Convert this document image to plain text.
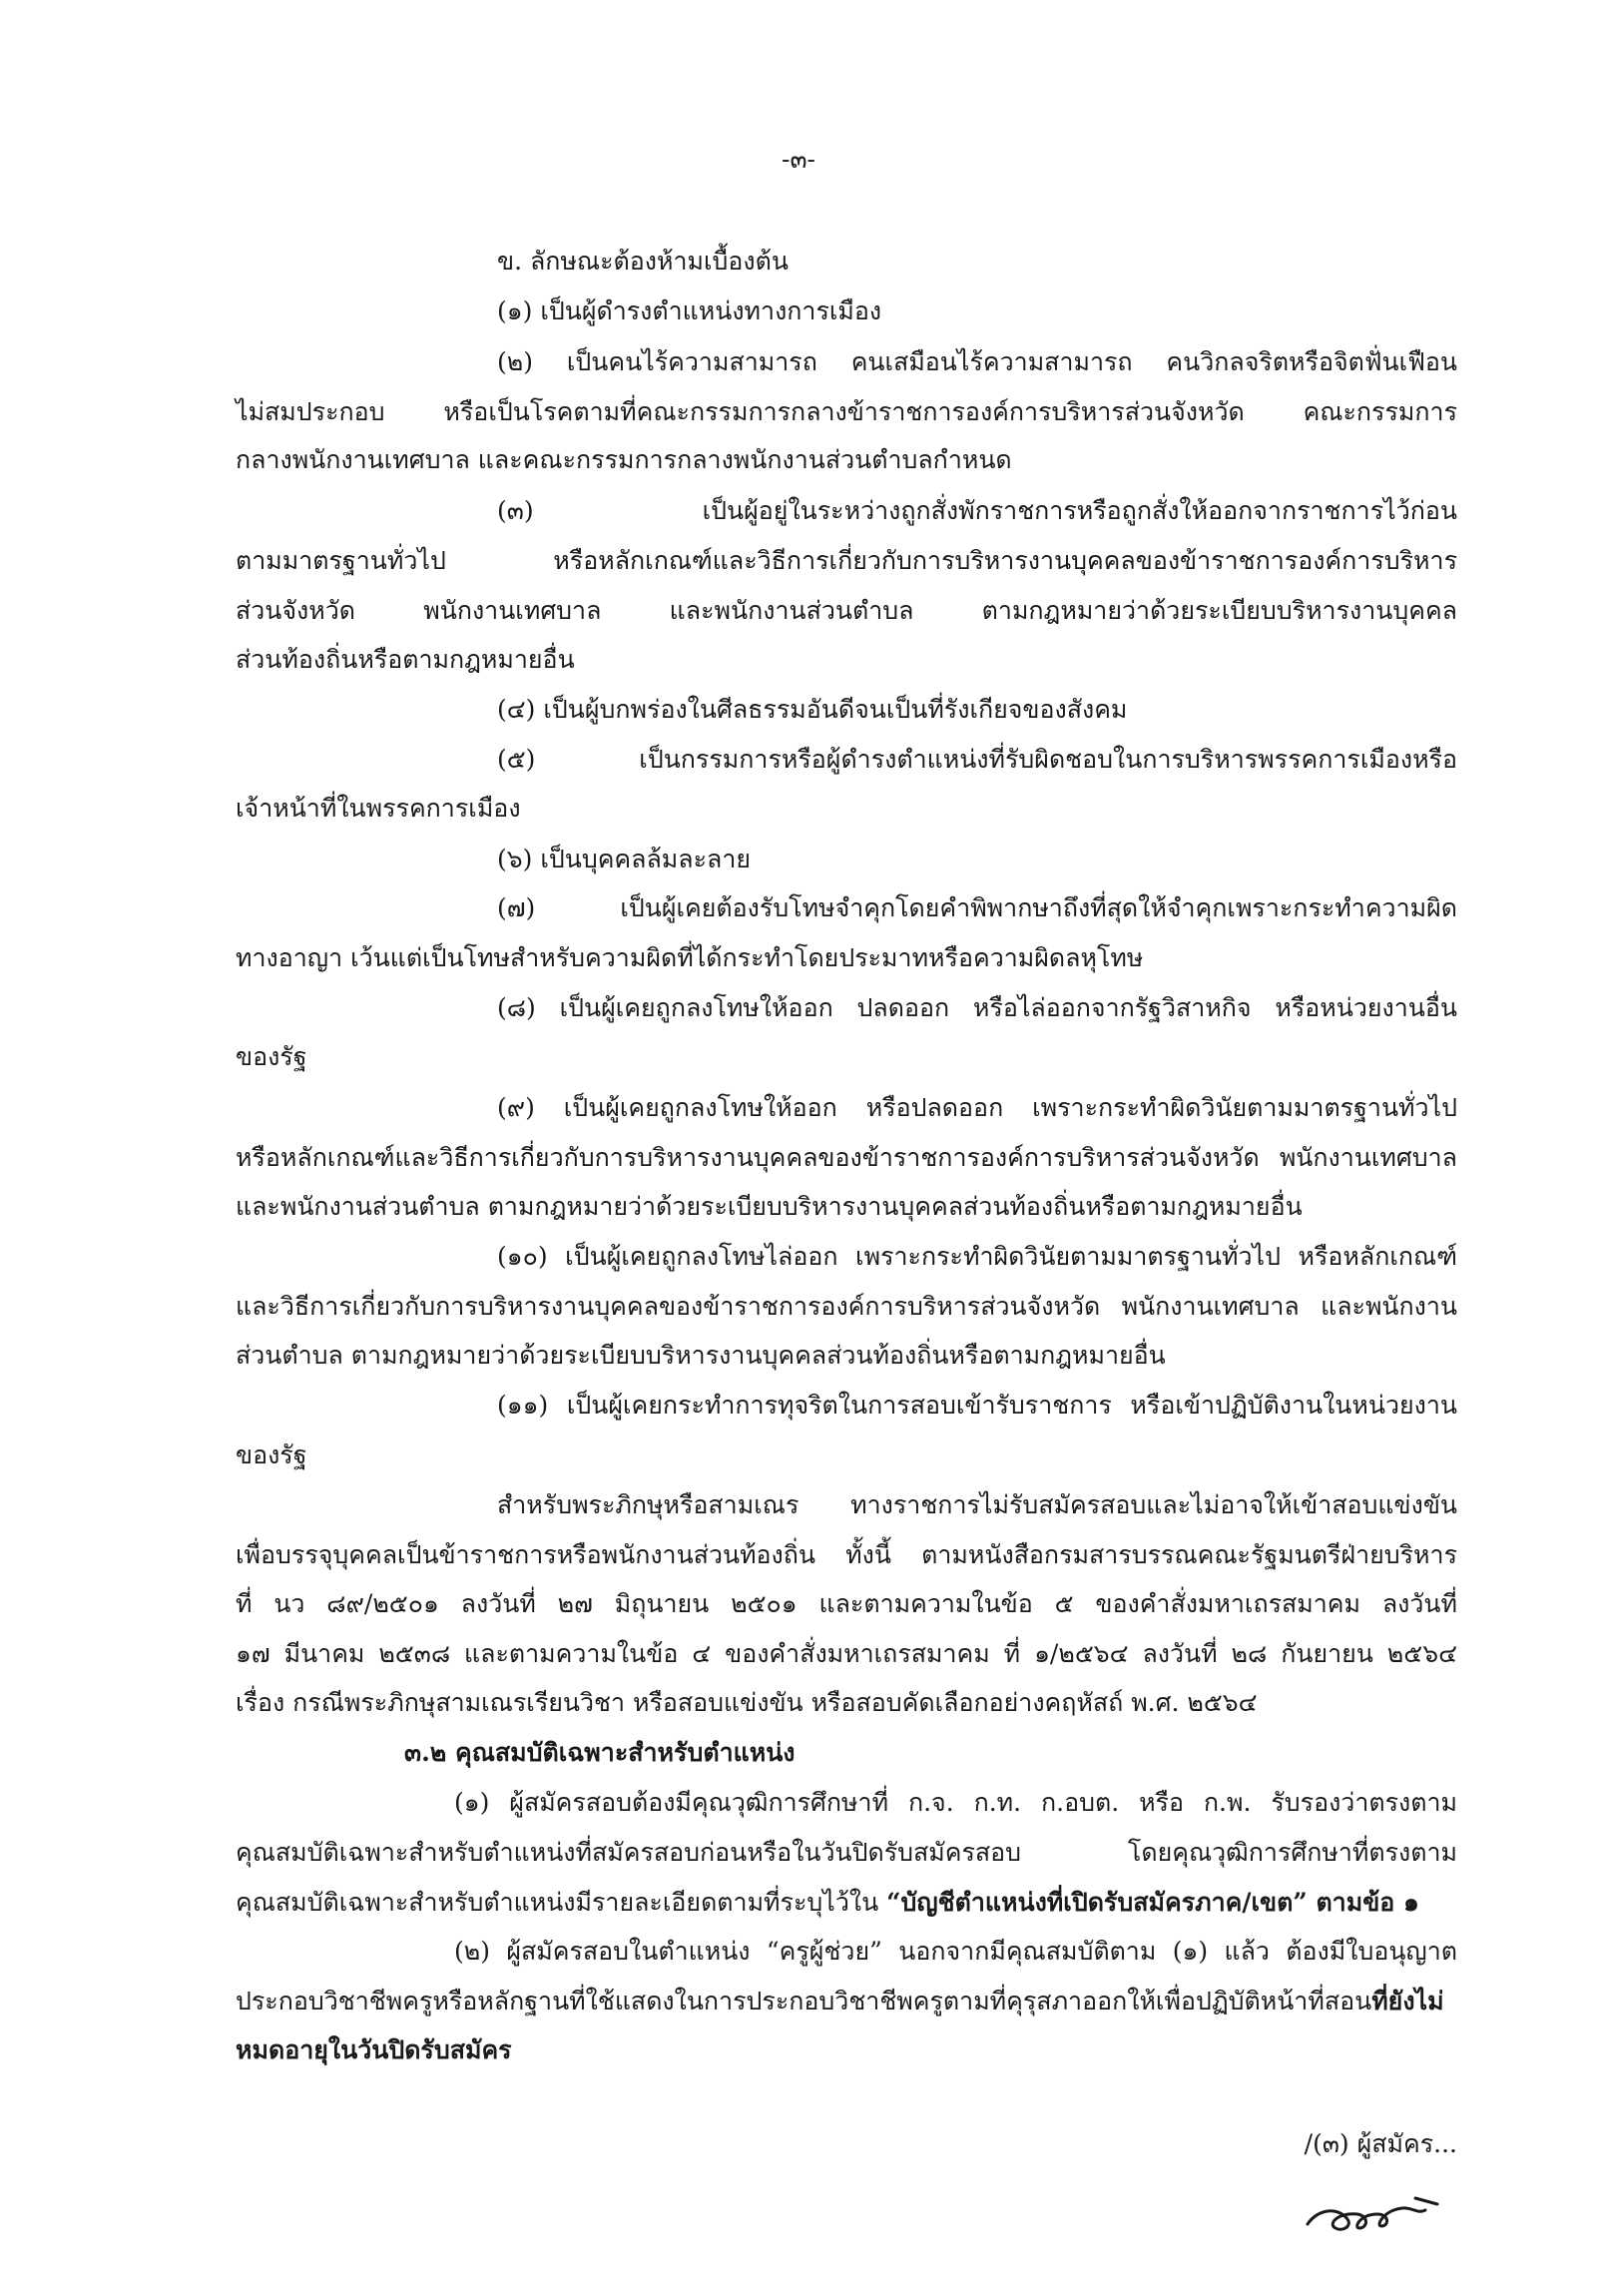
-๓-
ข. ลักษณะต้องห้ามเบื้องต้น
(๑) เป็นผู้ดำรงตำแหน่งทางการเมือง
(๒) เป็นคนไร้ความสามารถ คนเสมือนไร้ความสามารถ คนวิกลจริตหรือจิตฟั่นเฟือน
ไม่สมประกอบ หรือเป็นโรคตามที่คณะกรรมการกลางข้าราชการองค์การบริหารส่วนจังหวัด คณะกรรมการ
กลางพนักงานเทศบาล และคณะกรรมการกลางพนักงานส่วนตำบลกำหนด
(๓) เป็นผู้อยู่ในระหว่างถูกสั่งพักราชการหรือถูกสั่งให้ออกจากราชการไว้ก่อน
ตามมาตรฐานทั่วไป หรือหลักเกณฑ์และวิธีการเกี่ยวกับการบริหารงานบุคคลของข้าราชการองค์การบริหาร
ส่วนจังหวัด พนักงานเทศบาล และพนักงานส่วนตำบล ตามกฎหมายว่าด้วยระเบียบบริหารงานบุคคล
ส่วนท้องถิ่นหรือตามกฎหมายอื่น
(๔) เป็นผู้บกพร่องในศีลธรรมอันดีจนเป็นที่รังเกียจของสังคม
(๕) เป็นกรรมการหรือผู้ดำรงตำแหน่งที่รับผิดชอบในการบริหารพรรคการเมืองหรือ
เจ้าหน้าที่ในพรรคการเมือง
(๖) เป็นบุคคลล้มละลาย
(๗) เป็นผู้เคยต้องรับโทษจำคุกโดยคำพิพากษาถึงที่สุดให้จำคุกเพราะกระทำความผิด
ทางอาญา เว้นแต่เป็นโทษสำหรับความผิดที่ได้กระทำโดยประมาทหรือความผิดลหุโทษ
(๘) เป็นผู้เคยถูกลงโทษให้ออก ปลดออก หรือไล่ออกจากรัฐวิสาหกิจ หรือหน่วยงานอื่น
ของรัฐ
(๙) เป็นผู้เคยถูกลงโทษให้ออก หรือปลดออก เพราะกระทำผิดวินัยตามมาตรฐานทั่วไป
หรือหลักเกณฑ์และวิธีการเกี่ยวกับการบริหารงานบุคคลของข้าราชการองค์การบริหารส่วนจังหวัด พนักงานเทศบาล
และพนักงานส่วนตำบล ตามกฎหมายว่าด้วยระเบียบบริหารงานบุคคลส่วนท้องถิ่นหรือตามกฎหมายอื่น
(๑๐) เป็นผู้เคยถูกลงโทษไล่ออก เพราะกระทำผิดวินัยตามมาตรฐานทั่วไป หรือหลักเกณฑ์
และวิธีการเกี่ยวกับการบริหารงานบุคคลของข้าราชการองค์การบริหารส่วนจังหวัด พนักงานเทศบาล และพนักงาน
ส่วนตำบล ตามกฎหมายว่าด้วยระเบียบบริหารงานบุคคลส่วนท้องถิ่นหรือตามกฎหมายอื่น
(๑๑) เป็นผู้เคยกระทำการทุจริตในการสอบเข้ารับราชการ หรือเข้าปฏิบัติงานในหน่วยงาน
ของรัฐ
สำหรับพระภิกษุหรือสามเณร ทางราชการไม่รับสมัครสอบและไม่อาจให้เข้าสอบแข่งขัน
เพื่อบรรจุบุคคลเป็นข้าราชการหรือพนักงานส่วนท้องถิ่น ทั้งนี้ ตามหนังสือกรมสารบรรณคณะรัฐมนตรีฝ่ายบริหาร
ที่ นว ๘๙/๒๕๐๑ ลงวันที่ ๒๗ มิถุนายน ๒๕๐๑ และตามความในข้อ ๕ ของคำสั่งมหาเถรสมาคม ลงวันที่
๑๗ มีนาคม ๒๕๓๘ และตามความในข้อ ๔ ของคำสั่งมหาเถรสมาคม ที่ ๑/๒๕๖๔ ลงวันที่ ๒๘ กันยายน ๒๕๖๔
เรื่อง กรณีพระภิกษุสามเณรเรียนวิชา หรือสอบแข่งขัน หรือสอบคัดเลือกอย่างคฤหัสถ์ พ.ศ. ๒๕๖๔
๓.๒ คุณสมบัติเฉพาะสำหรับตำแหน่ง
(๑) ผู้สมัครสอบต้องมีคุณวุฒิการศึกษาที่ ก.จ. ก.ท. ก.อบต. หรือ ก.พ. รับรองว่าตรงตาม
คุณสมบัติเฉพาะสำหรับตำแหน่งที่สมัครสอบก่อนหรือในวันปิดรับสมัครสอบ โดยคุณวุฒิการศึกษาที่ตรงตาม
คุณสมบัติเฉพาะสำหรับตำแหน่งมีรายละเอียดตามที่ระบุไว้ใน “บัญชีตำแหน่งที่เปิดรับสมัครภาค/เขต” ตามข้อ ๑
(๒) ผู้สมัครสอบในตำแหน่ง “ครูผู้ช่วย” นอกจากมีคุณสมบัติตาม (๑) แล้ว ต้องมีใบอนุญาต
ประกอบวิชาชีพครูหรือหลักฐานที่ใช้แสดงในการประกอบวิชาชีพครูตามที่คุรุสภาออกให้เพื่อปฏิบัติหน้าที่สอนที่ยังไม่
หมดอายุในวันปิดรับสมัคร
/(๓) ผู้สมัคร...
